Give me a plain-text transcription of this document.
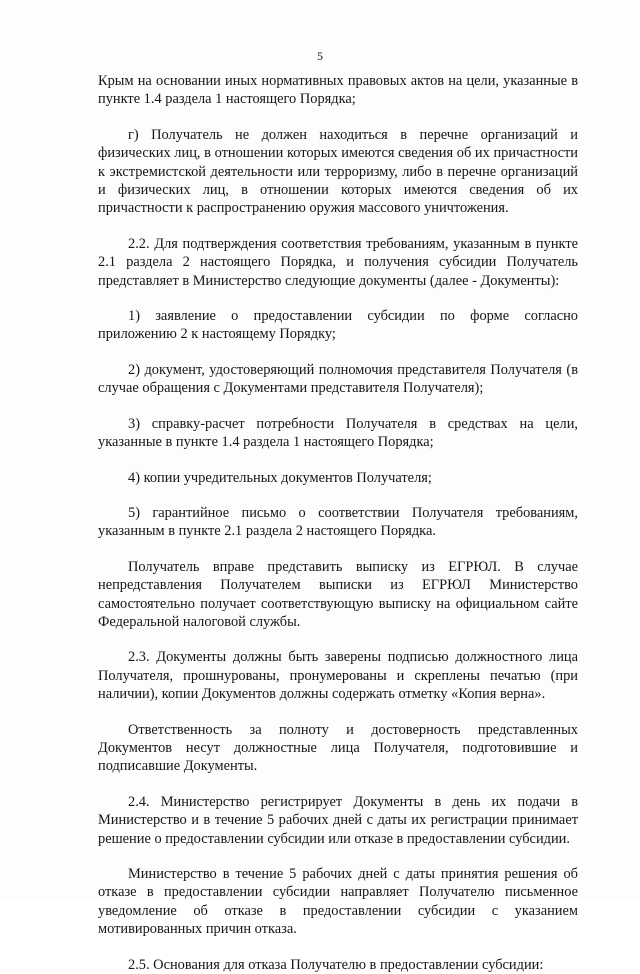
5

Крым на основании иных нормативных правовых актов на цели, указанные в пункте 1.4 раздела 1 настоящего Порядка;

г) Получатель не должен находиться в перечне организаций и физических лиц, в отношении которых имеются сведения об их причастности к экстремистской деятельности или терроризму, либо в перечне организаций и физических лиц, в отношении которых имеются сведения об их причастности к распространению оружия массового уничтожения.

2.2. Для подтверждения соответствия требованиям, указанным в пункте 2.1 раздела 2 настоящего Порядка, и получения субсидии Получатель представляет в Министерство следующие документы (далее - Документы):

1) заявление о предоставлении субсидии по форме согласно приложению 2 к настоящему Порядку;

2) документ, удостоверяющий полномочия представителя Получателя (в случае обращения с Документами представителя Получателя);

3) справку-расчет потребности Получателя в средствах на цели, указанные в пункте 1.4 раздела 1 настоящего Порядка;

4) копии учредительных документов Получателя;

5) гарантийное письмо о соответствии Получателя требованиям, указанным в пункте 2.1 раздела 2 настоящего Порядка.

Получатель вправе представить выписку из ЕГРЮЛ. В случае непредставления Получателем выписки из ЕГРЮЛ Министерство самостоятельно получает соответствующую выписку на официальном сайте Федеральной налоговой службы.

2.3. Документы должны быть заверены подписью должностного лица Получателя, прошнурованы, пронумерованы и скреплены печатью (при наличии), копии Документов должны содержать отметку «Копия верна».

Ответственность за полноту и достоверность представленных Документов несут должностные лица Получателя, подготовившие и подписавшие Документы.

2.4. Министерство регистрирует Документы в день их подачи в Министерство и в течение 5 рабочих дней с даты их регистрации принимает решение о предоставлении субсидии или отказе в предоставлении субсидии.

Министерство в течение 5 рабочих дней с даты принятия решения об отказе в предоставлении субсидии направляет Получателю письменное уведомление об отказе в предоставлении субсидии с указанием мотивированных причин отказа.

2.5. Основания для отказа Получателю в предоставлении субсидии:
